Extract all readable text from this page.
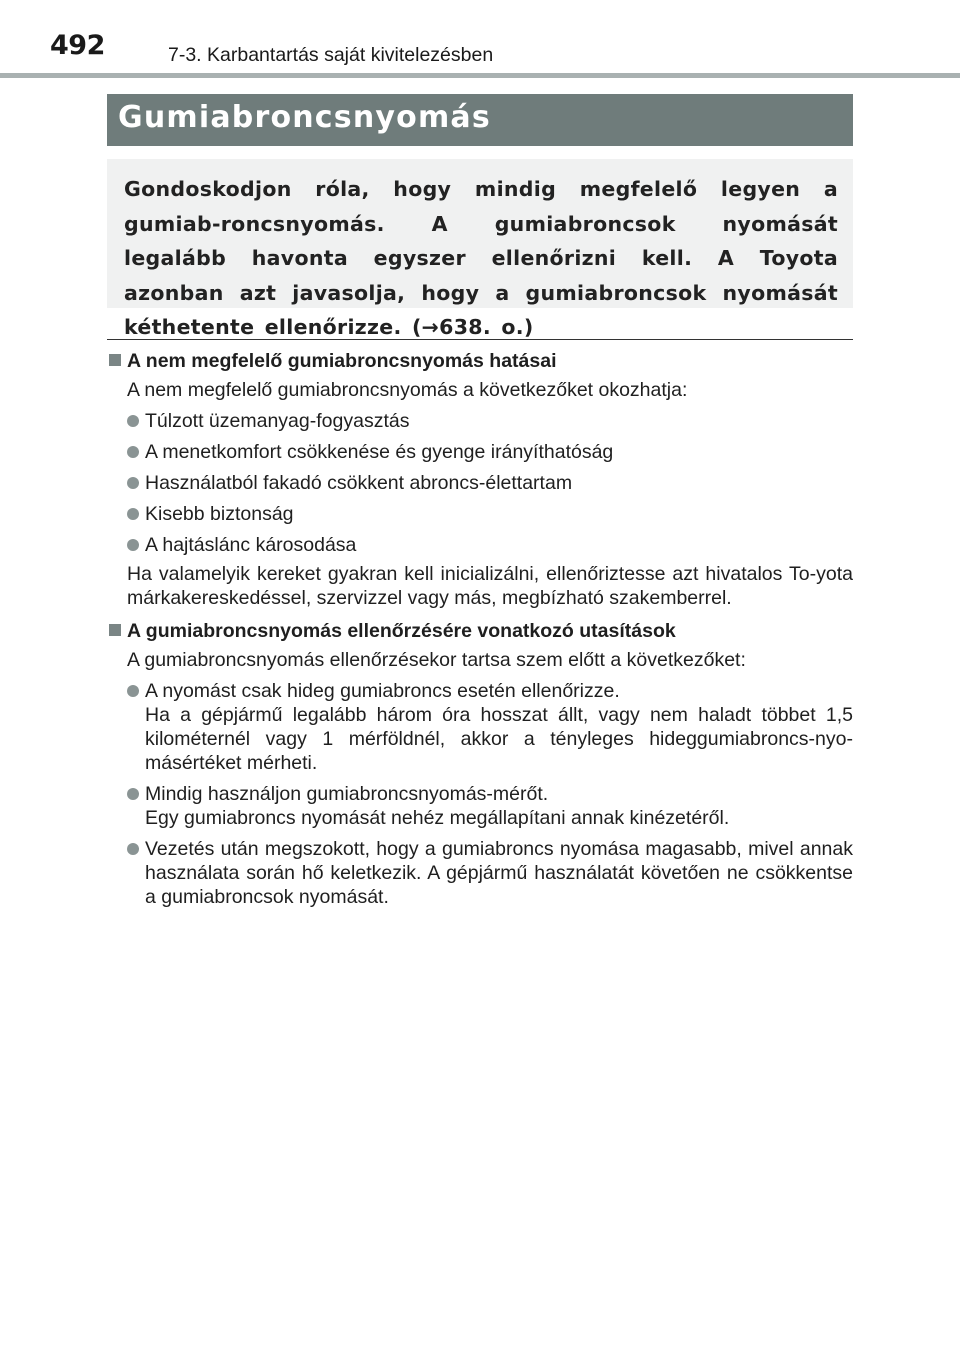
492	7-3. Karbantartás saját kivitelezésben
Gumiabroncsnyomás
Gondoskodjon róla, hogy mindig megfelelő legyen a gumiab-roncsnyomás. A gumiabroncsok nyomását legalább havonta egyszer ellenőrizni kell. A Toyota azonban azt javasolja, hogy a gumiabroncsok nyomását kéthetente ellenőrizze. (→638. o.)
A nem megfelelő gumiabroncsnyomás hatásai
A nem megfelelő gumiabroncsnyomás a következőket okozhatja:
Túlzott üzemanyag-fogyasztás
A menetkomfort csökkenése és gyenge irányíthatóság
Használatból fakadó csökkent abroncs-élettartam
Kisebb biztonság
A hajtáslánc károsodása
Ha valamelyik kereket gyakran kell inicializálni, ellenőriztesse azt hivatalos To-yota márkakereskedéssel, szervizzel vagy más, megbízható szakemberrel.
A gumiabroncsnyomás ellenőrzésére vonatkozó utasítások
A gumiabroncsnyomás ellenőrzésekor tartsa szem előtt a következőket:
A nyomást csak hideg gumiabroncs esetén ellenőrizze.
Ha a gépjármű legalább három óra hosszat állt, vagy nem haladt többet 1,5 kilométernél vagy 1 mérföldnél, akkor a tényleges hideggumiabroncs-nyo-másértéket mérheti.
Mindig használjon gumiabroncsnyomás-mérőt.
Egy gumiabroncs nyomását nehéz megállapítani annak kinézetéről.
Vezetés után megszokott, hogy a gumiabroncs nyomása magasabb, mivel annak használata során hő keletkezik. A gépjármű használatát követően ne csökkentse a gumiabroncsok nyomását.
